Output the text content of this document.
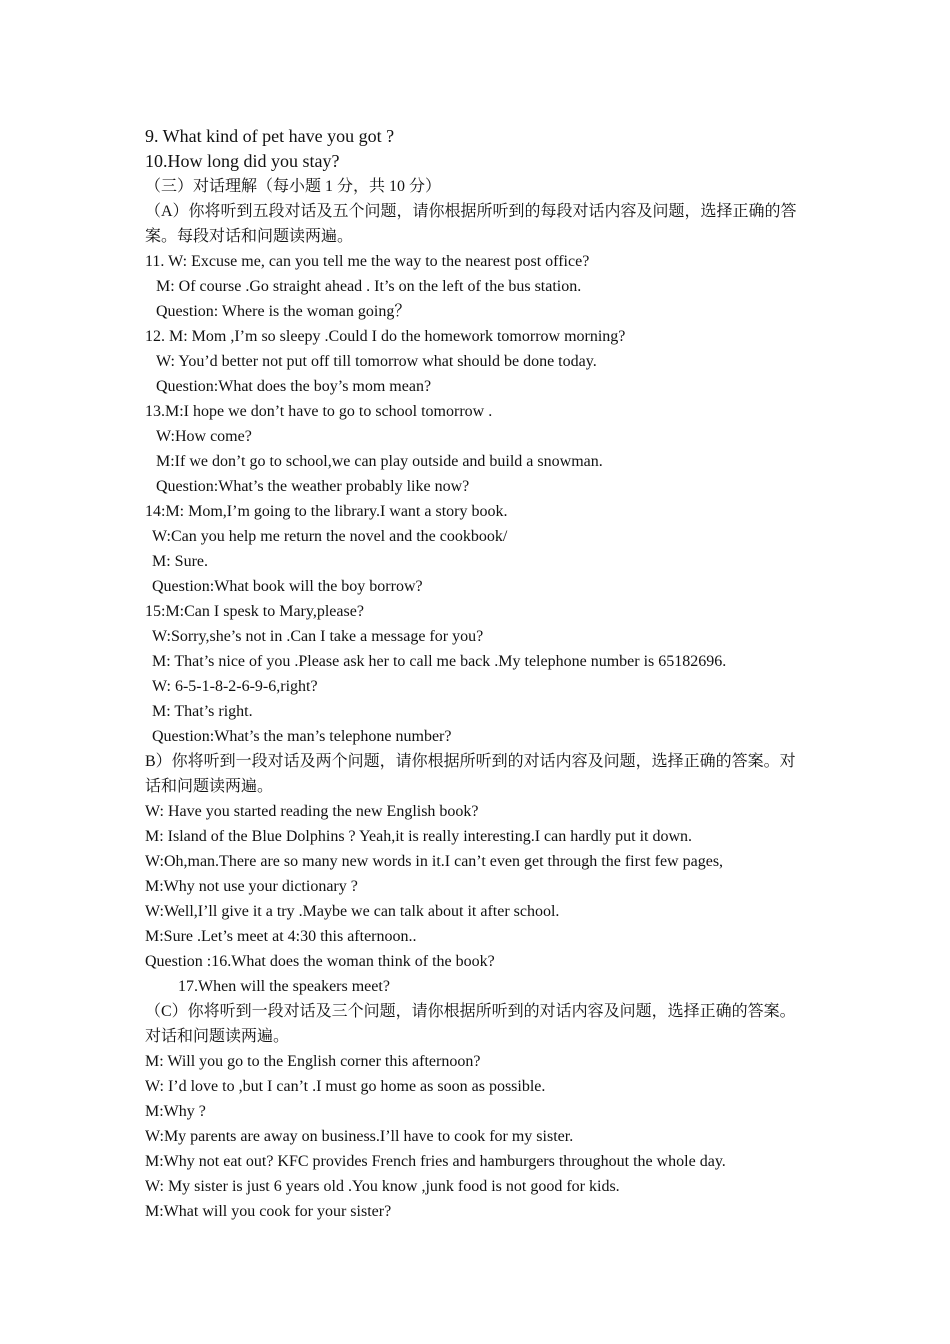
9. What kind of pet have you got ?
10.How long did you stay?
（三）对话理解（每小题 1 分，共 10 分）
（A）你将听到五段对话及五个问题，请你根据所听到的每段对话内容及问题，选择正确的答
案。每段对话和问题读两遍。
11. W: Excuse me, can you tell me the way to the nearest post office?
M: Of course .Go straight ahead . It’s on the left of the bus station.
Question: Where is the woman going？
12. M: Mom ,I’m so sleepy .Could I do the homework tomorrow morning?
W: You’d better not put off till tomorrow what should be done today.
Question:What does the boy’s mom mean?
13.M:I hope we don’t have to go to school tomorrow .
W:How come?
M:If we don’t go to school,we can play outside and build a snowman.
Question:What’s the weather probably like now?
14:M: Mom,I’m going to the library.I want a story book.
W:Can you help me return the novel and the cookbook/
M: Sure.
Question:What book will the boy borrow?
15:M:Can I spesk to Mary,please?
W:Sorry,she’s not in .Can I take a message for you?
M: That’s nice of you .Please ask her to call me back .My telephone number is 65182696.
W: 6-5-1-8-2-6-9-6,right?
M: That’s right.
Question:What’s the man’s telephone number?
B）你将听到一段对话及两个问题，请你根据所听到的对话内容及问题，选择正确的答案。对
话和问题读两遍。
W: Have you started reading the new English book?
M: Island of the Blue Dolphins ? Yeah,it is really interesting.I can hardly put it down.
W:Oh,man.There are so many new words in it.I can’t even get through the first few pages,
M:Why not use your dictionary ?
W:Well,I’ll give it a try .Maybe we can talk about it after school.
M:Sure .Let’s meet at 4:30 this afternoon..
Question :16.What does the woman think of the book?
17.When will the speakers meet?
（C）你将听到一段对话及三个问题，请你根据所听到的对话内容及问题，选择正确的答案。
对话和问题读两遍。
M: Will you go to the English corner this afternoon?
W: I’d love to ,but I can’t .I must go home as soon as possible.
M:Why ?
W:My parents are away on business.I’ll have to cook for my sister.
M:Why not eat out? KFC provides French fries and hamburgers throughout the whole day.
W: My sister is just 6 years old .You know ,junk food is not good for kids.
M:What will you cook for your sister?
